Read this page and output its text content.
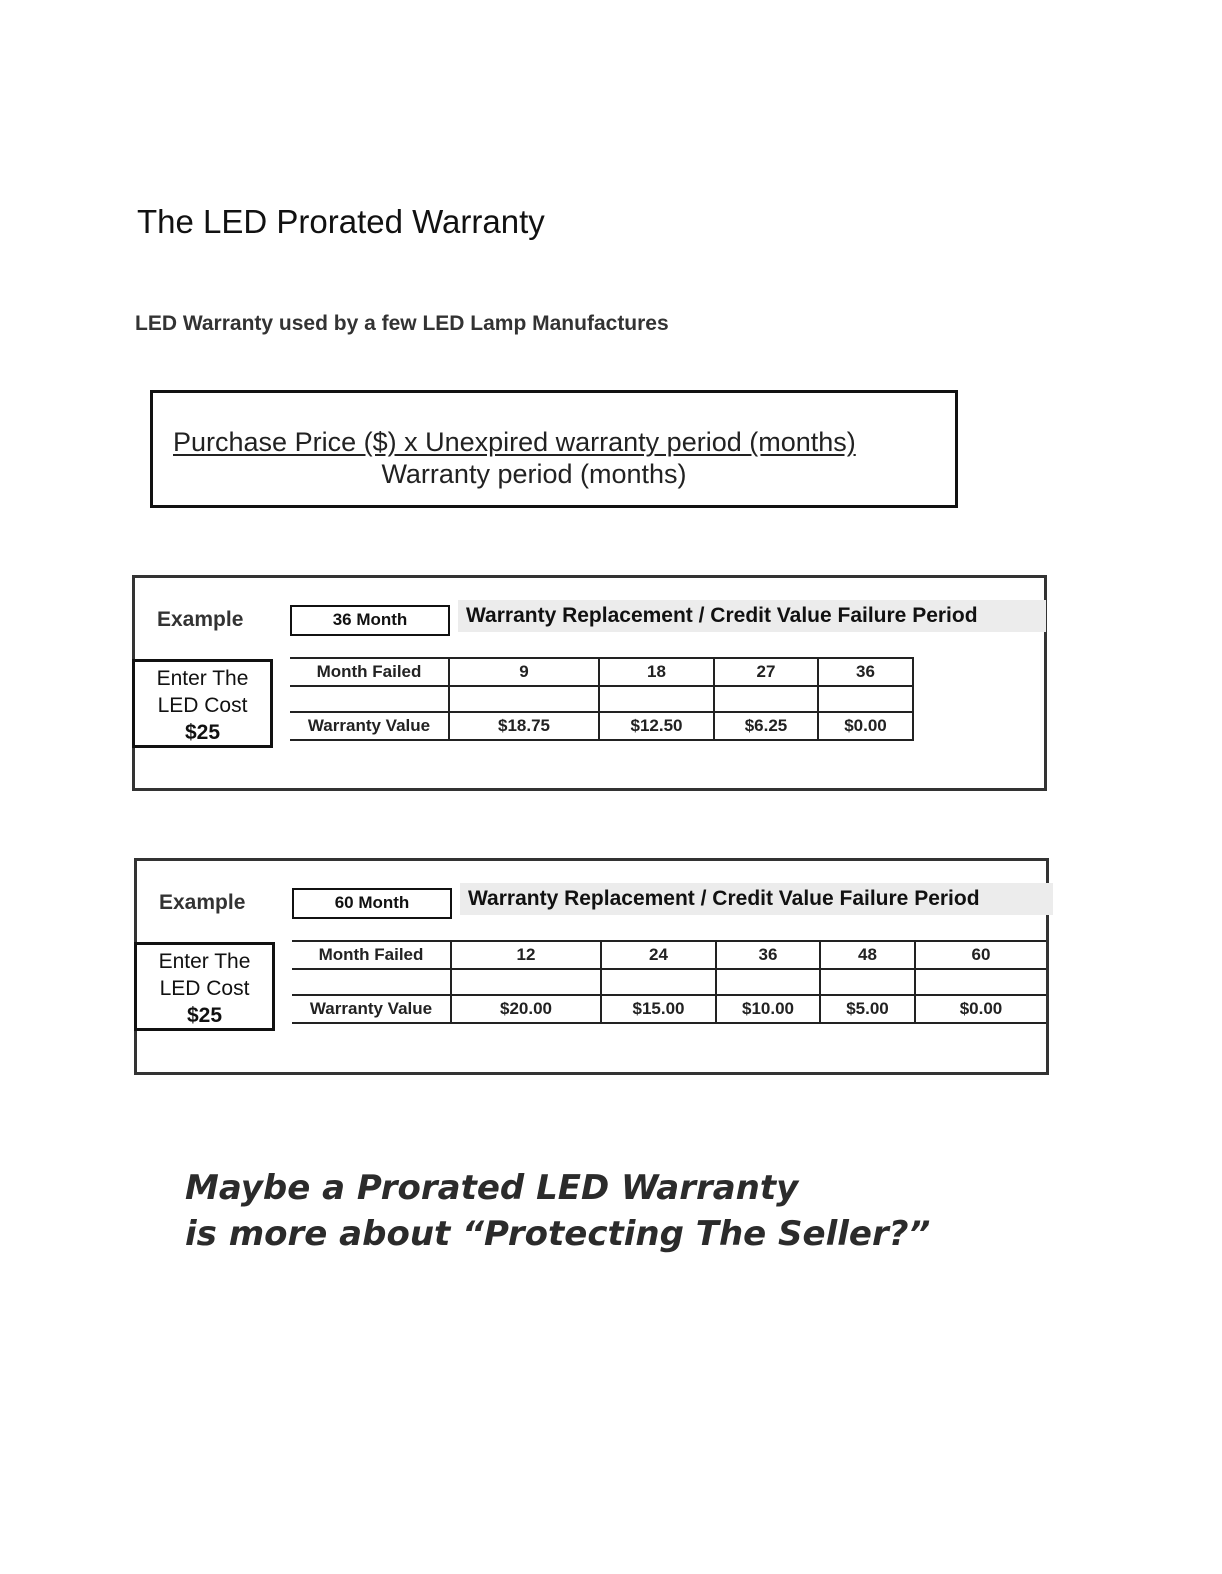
The LED Prorated Warranty
LED Warranty used by a few LED Lamp Manufactures
Purchase Price ($) x Unexpired warranty period (months)
Warranty period (months)
Example	36 Month	Warranty Replacement / Credit Value Failure Period
Enter The
LED Cost
$25
Month Failed	9	18	27	36

Warranty Value	$18.75	$12.50	$6.25	$0.00
Example	60 Month	Warranty Replacement / Credit Value Failure Period
Enter The
LED Cost
$25
Month Failed	12	24	36	48	60

Warranty Value	$20.00	$15.00	$10.00	$5.00	$0.00
Maybe a Prorated LED Warranty
is more about “Protecting The Seller?”
